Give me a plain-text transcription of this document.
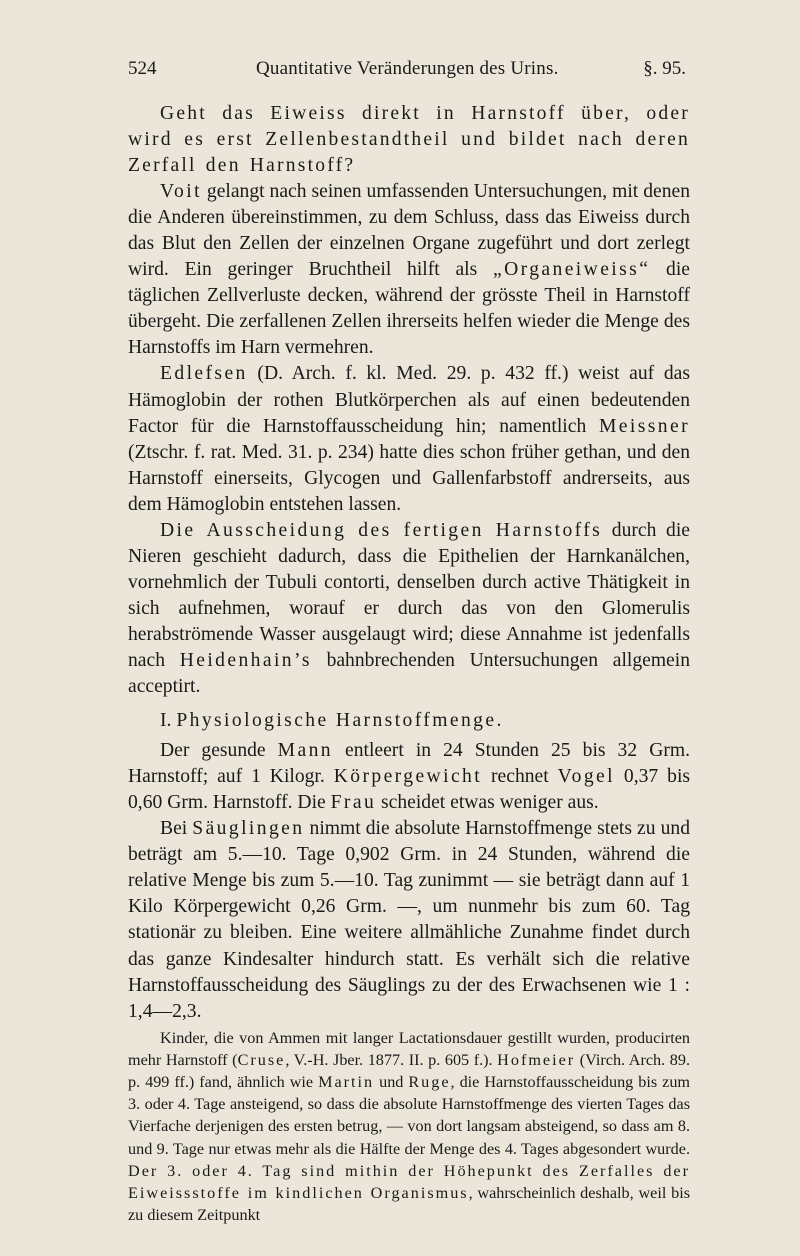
524	Quantitative Veränderungen des Urins.	§. 95.

Geht das Eiweiss direkt in Harnstoff über, oder wird es erst Zellenbestandtheil und bildet nach deren Zerfall den Harnstoff?

Voit gelangt nach seinen umfassenden Untersuchungen, mit denen die Anderen übereinstimmen, zu dem Schluss, dass das Eiweiss durch das Blut den Zellen der einzelnen Organe zugeführt und dort zerlegt wird. Ein geringer Bruchtheil hilft als „Organeiweiss“ die täglichen Zellverluste decken, während der grösste Theil in Harnstoff übergeht. Die zerfallenen Zellen ihrerseits helfen wieder die Menge des Harnstoffs im Harn vermehren.

Edlefsen (D. Arch. f. kl. Med. 29. p. 432 ff.) weist auf das Hämoglobin der rothen Blutkörperchen als auf einen bedeutenden Factor für die Harnstoffausscheidung hin; namentlich Meissner (Ztschr. f. rat. Med. 31. p. 234) hatte dies schon früher gethan, und den Harnstoff einerseits, Glycogen und Gallenfarbstoff andrerseits, aus dem Hämoglobin entstehen lassen.

Die Ausscheidung des fertigen Harnstoffs durch die Nieren geschieht dadurch, dass die Epithelien der Harnkanälchen, vornehmlich der Tubuli contorti, denselben durch active Thätigkeit in sich aufnehmen, worauf er durch das von den Glomerulis herabströmende Wasser ausgelaugt wird; diese Annahme ist jedenfalls nach Heidenhain’s bahnbrechenden Untersuchungen allgemein acceptirt.

I. Physiologische Harnstoffmenge.

Der gesunde Mann entleert in 24 Stunden 25 bis 32 Grm. Harnstoff; auf 1 Kilogr. Körpergewicht rechnet Vogel 0,37 bis 0,60 Grm. Harnstoff. Die Frau scheidet etwas weniger aus.

Bei Säuglingen nimmt die absolute Harnstoffmenge stets zu und beträgt am 5.—10. Tage 0,902 Grm. in 24 Stunden, während die relative Menge bis zum 5.—10. Tag zunimmt — sie beträgt dann auf 1 Kilo Körpergewicht 0,26 Grm. —, um nunmehr bis zum 60. Tag stationär zu bleiben. Eine weitere allmähliche Zunahme findet durch das ganze Kindesalter hindurch statt. Es verhält sich die relative Harnstoffausscheidung des Säuglings zu der des Erwachsenen wie 1 : 1,4—2,3.

Kinder, die von Ammen mit langer Lactationsdauer gestillt wurden, producirten mehr Harnstoff (Cruse, V.-H. Jber. 1877. II. p. 605 f.). Hofmeier (Virch. Arch. 89. p. 499 ff.) fand, ähnlich wie Martin und Ruge, die Harnstoffausscheidung bis zum 3. oder 4. Tage ansteigend, so dass die absolute Harnstoffmenge des vierten Tages das Vierfache derjenigen des ersten betrug, — von dort langsam absteigend, so dass am 8. und 9. Tage nur etwas mehr als die Hälfte der Menge des 4. Tages abgesondert wurde. Der 3. oder 4. Tag sind mithin der Höhepunkt des Zerfalles der Eiweissstoffe im kindlichen Organismus, wahrscheinlich deshalb, weil bis zu diesem Zeitpunkt
